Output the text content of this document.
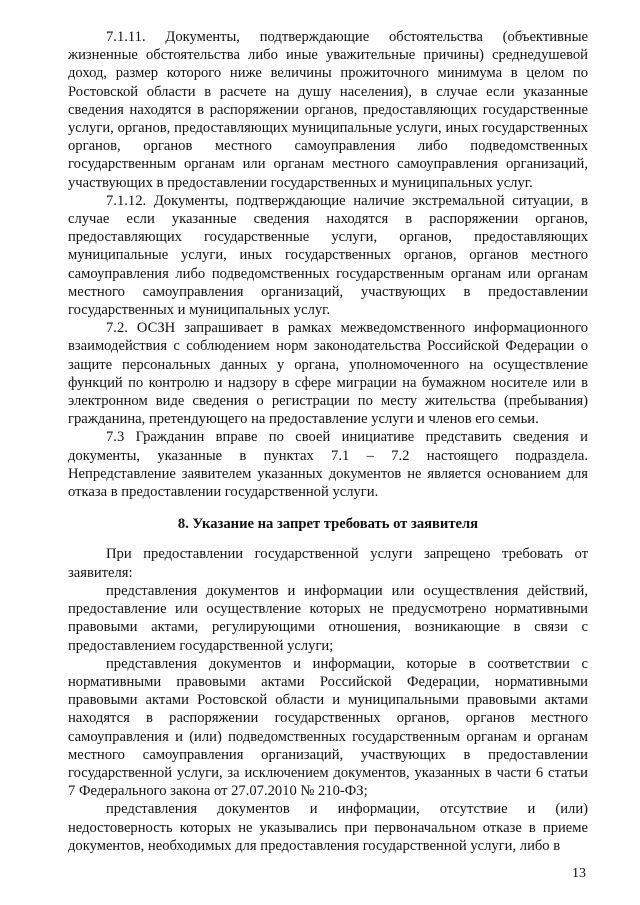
7.1.11. Документы, подтверждающие обстоятельства (объективные жизненные обстоятельства либо иные уважительные причины) среднедушевой доход, размер которого ниже величины прожиточного минимума в целом по Ростовской области в расчете на душу населения), в случае если указанные сведения находятся в распоряжении органов, предоставляющих государственные услуги, органов, предоставляющих муниципальные услуги, иных государственных органов, органов местного самоуправления либо подведомственных государственным органам или органам местного самоуправления организаций, участвующих в предоставлении государственных и муниципальных услуг.

7.1.12. Документы, подтверждающие наличие экстремальной ситуации, в случае если указанные сведения находятся в распоряжении органов, предоставляющих государственные услуги, органов, предоставляющих муниципальные услуги, иных государственных органов, органов местного самоуправления либо подведомственных государственным органам или органам местного самоуправления организаций, участвующих в предоставлении государственных и муниципальных услуг.

7.2. ОСЗН запрашивает в рамках межведомственного информационного взаимодействия с соблюдением норм законодательства Российской Федерации о защите персональных данных у органа, уполномоченного на осуществление функций по контролю и надзору в сфере миграции на бумажном носителе или в электронном виде сведения о регистрации по месту жительства (пребывания) гражданина, претендующего на предоставление услуги и членов его семьи.

7.3 Гражданин вправе по своей инициативе представить сведения и документы, указанные в пунктах 7.1 – 7.2 настоящего подраздела. Непредставление заявителем указанных документов не является основанием для отказа в предоставлении государственной услуги.

8. Указание на запрет требовать от заявителя

При предоставлении государственной услуги запрещено требовать от заявителя:

представления документов и информации или осуществления действий, предоставление или осуществление которых не предусмотрено нормативными правовыми актами, регулирующими отношения, возникающие в связи с предоставлением государственной услуги;

представления документов и информации, которые в соответствии с нормативными правовыми актами Российской Федерации, нормативными правовыми актами Ростовской области и муниципальными правовыми актами находятся в распоряжении государственных органов, органов местного самоуправления и (или) подведомственных государственным органам и органам местного самоуправления организаций, участвующих в предоставлении государственной услуги, за исключением документов, указанных в части 6 статьи 7 Федерального закона от 27.07.2010 № 210-ФЗ;

представления документов и информации, отсутствие и (или) недостоверность которых не указывались при первоначальном отказе в приеме документов, необходимых для предоставления государственной услуги, либо в

13
